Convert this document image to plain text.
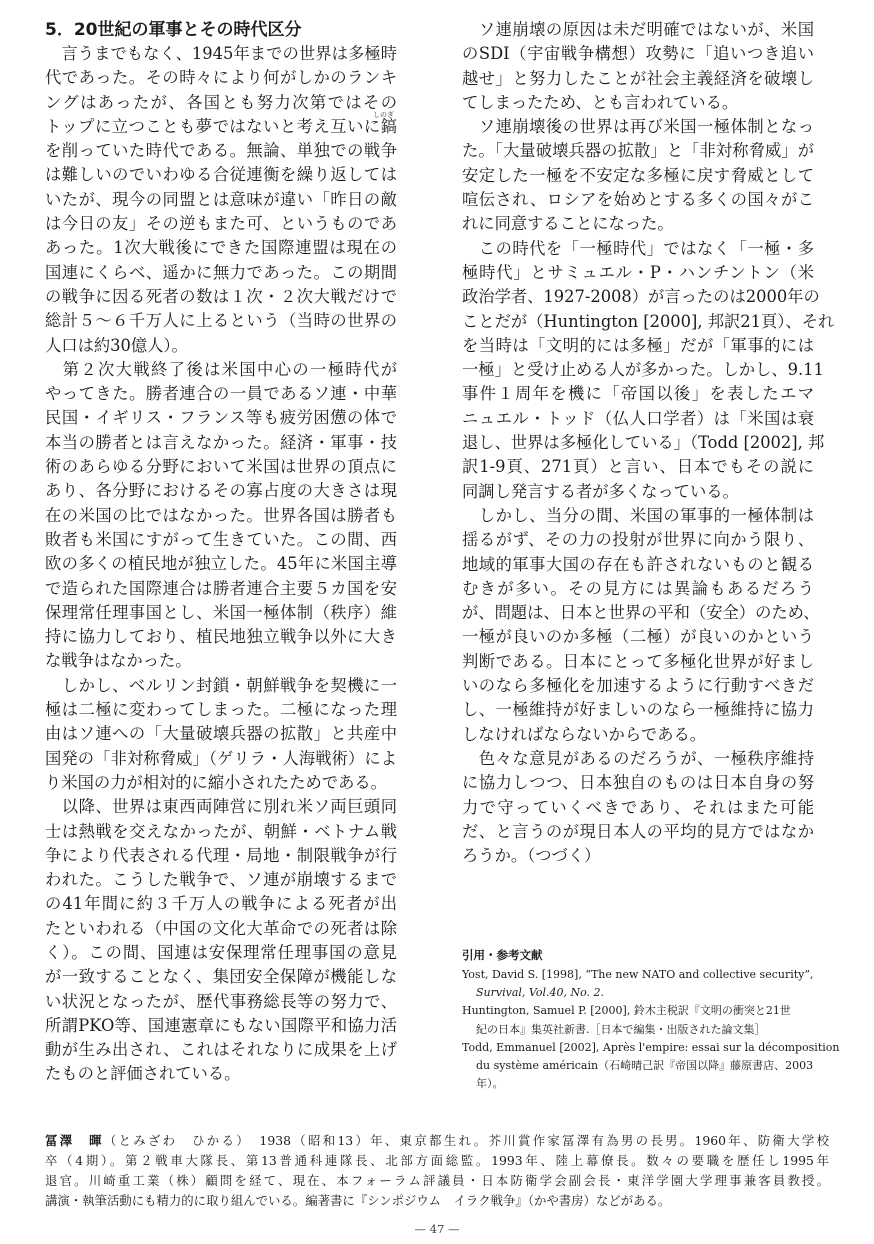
5．20世紀の軍事とその時代区分

　言うまでもなく、1945年までの世界は多極時

代であった。その時々により何がしかのランキ

ングはあったが、各国とも努力次第ではその

トップに立つことも夢ではないと考え互いに鎬

を削っていた時代である。無論、単独での戦争

は難しいのでいわゆる合従連衡を繰り返しては

いたが、現今の同盟とは意味が違い「昨日の敵

は今日の友」その逆もまた可、というものであ

あった。1次大戦後にできた国際連盟は現在の

国連にくらべ、遥かに無力であった。この期間

の戦争に因る死者の数は１次・２次大戦だけで

総計５～６千万人に上るという（当時の世界の

人口は約30億人）。

　第２次大戦終了後は米国中心の一極時代が

やってきた。勝者連合の一員であるソ連・中華

民国・イギリス・フランス等も疲労困憊の体で

本当の勝者とは言えなかった。経済・軍事・技

術のあらゆる分野において米国は世界の頂点に

あり、各分野におけるその寡占度の大きさは現

在の米国の比ではなかった。世界各国は勝者も

敗者も米国にすがって生きていた。この間、西

欧の多くの植民地が独立した。45年に米国主導

で造られた国際連合は勝者連合主要５カ国を安

保理常任理事国とし、米国一極体制（秩序）維

持に協力しており、植民地独立戦争以外に大き

な戦争はなかった。

　しかし、ベルリン封鎖・朝鮮戦争を契機に一

極は二極に変わってしまった。二極になった理

由はソ連への「大量破壊兵器の拡散」と共産中

国発の「非対称脅威」（ゲリラ・人海戦術）によ

り米国の力が相対的に縮小されたためである。

　以降、世界は東西両陣営に別れ米ソ両巨頭同

士は熱戦を交えなかったが、朝鮮・ベトナム戦

争により代表される代理・局地・制限戦争が行

われた。こうした戦争で、ソ連が崩壊するまで

の41年間に約３千万人の戦争による死者が出

たといわれる（中国の文化大革命での死者は除

く）。この間、国連は安保理常任理事国の意見

が一致することなく、集団安全保障が機能しな

い状況となったが、歴代事務総長等の努力で、

所謂PKO等、国連憲章にもない国際平和協力活

動が生み出され、これはそれなりに成果を上げ

たものと評価されている。

しのぎ

　ソ連崩壊の原因は未だ明確ではないが、米国

のSDI（宇宙戦争構想）攻勢に「追いつき追い

越せ」と努力したことが社会主義経済を破壊し

てしまったため、とも言われている。

　ソ連崩壊後の世界は再び米国一極体制となっ

た。「大量破壊兵器の拡散」と「非対称脅威」が

安定した一極を不安定な多極に戻す脅威として

喧伝され、ロシアを始めとする多くの国々がこ

れに同意することになった。

　この時代を「一極時代」ではなく「一極・多

極時代」とサミュエル・P・ハンチントン（米

政治学者、1927-2008）が言ったのは2000年の

ことだが（Huntington [2000], 邦訳21頁）、それ

を当時は「文明的には多極」だが「軍事的には

一極」と受け止める人が多かった。しかし、9.11

事件１周年を機に「帝国以後」を表したエマ

ニュエル・トッド（仏人口学者）は「米国は衰

退し、世界は多極化している」（Todd [2002], 邦

訳1-9頁、271頁）と言い、日本でもその説に

同調し発言する者が多くなっている。

　しかし、当分の間、米国の軍事的一極体制は

揺るがず、その力の投射が世界に向かう限り、

地域的軍事大国の存在も許されないものと観る

むきが多い。その見方には異論もあるだろう

が、問題は、日本と世界の平和（安全）のため、

一極が良いのか多極（二極）が良いのかという

判断である。日本にとって多極化世界が好まし

いのなら多極化を加速するように行動すべきだ

し、一極維持が好ましいのなら一極維持に協力

しなければならないからである。

　色々な意見があるのだろうが、一極秩序維持

に協力しつつ、日本独自のものは日本自身の努

力で守っていくべきであり、それはまた可能

だ、と言うのが現日本人の平均的見方ではなか

ろうか。（つづく）

引用・参考文献

Yost, David S. [1998], “The new NATO and collective security”,

Survival, Vol.40, No. 2.

Huntington, Samuel P. [2000], 鈴木主税訳『文明の衝突と21世

紀の日本』集英社新書.［日本で編集・出版された論文集］

Todd, Emmanuel [2002], Après l'empire: essai sur la décomposition

du système américain（石崎晴己訳『帝国以降』藤原書店、2003

年）。

冨澤　暉（とみざわ　ひかる）　1938（昭和13）年、東京都生れ。芥川賞作家冨澤有為男の長男。1960年、防衛大学校

卒（4期）。第２戦車大隊長、第13普通科連隊長、北部方面総監。1993年、陸上幕僚長。数々の要職を歴任し1995年

退官。川崎重工業（株）顧問を経て、現在、本フォーラム評議員・日本防衛学会副会長・東洋学園大学理事兼客員教授。

講演・執筆活動にも精力的に取り組んでいる。編著書に『シンポジウム　イラク戦争』（かや書房）などがある。

— 47 —
